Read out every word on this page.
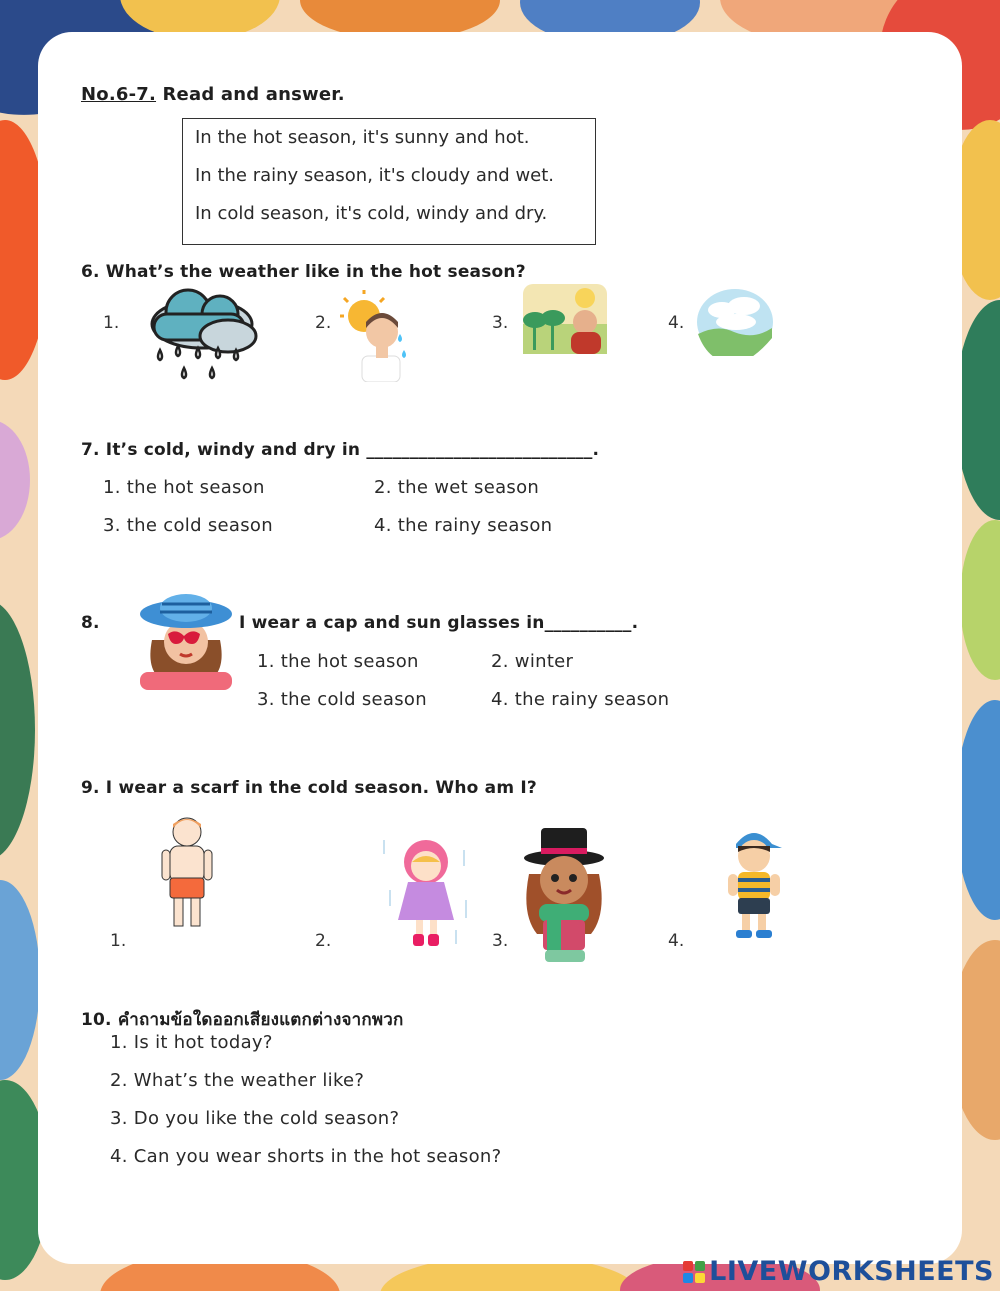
No.6-7. Read and answer.
In the hot season, it's sunny and hot.
In the rainy season, it's cloudy and wet.
In cold season, it's cold, windy and dry.
6. What’s the weather like in the hot season?
1.	2.	3.	4.
7. It’s cold, windy and dry in __________________________.
1. the hot season	2. the wet season
3. the cold season	4. the rainy season
8.	I wear a cap and sun glasses in__________.
1. the hot season	2. winter
3. the cold season	4. the rainy season
9. I wear a scarf in the cold season. Who am I?
1.	2.	3.	4.
10. คำถามข้อใดออกเสียงแตกต่างจากพวก
1. Is it hot today?
2. What’s the weather like?
3. Do you like the cold season?
4. Can you wear shorts in the hot season?
LIVEWORKSHEETS
